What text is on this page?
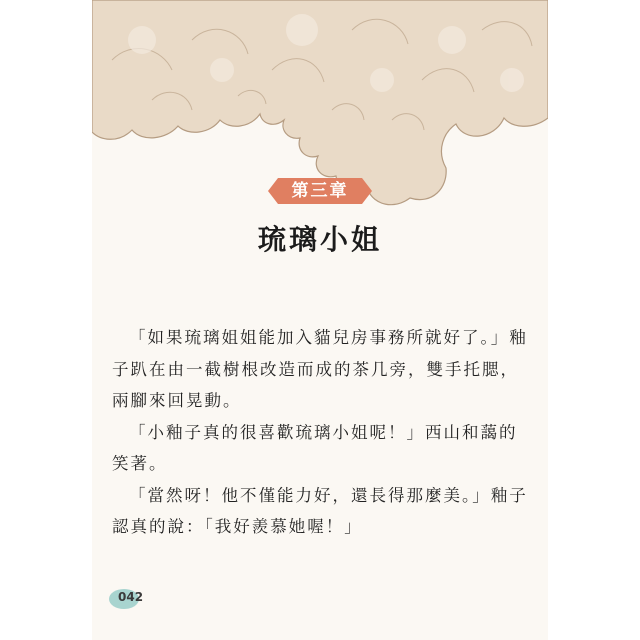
第三章
琉璃小姐

「如果琉璃姐姐能加入貓兒房事務所就好了。」釉子趴在由一截樹根改造而成的茶几旁，雙手托腮，兩腳來回晃動。

「小釉子真的很喜歡琉璃小姐呢！」西山和藹的笑著。

「當然呀！他不僅能力好，還長得那麼美。」釉子認真的說：「我好羨慕她喔！」

042
